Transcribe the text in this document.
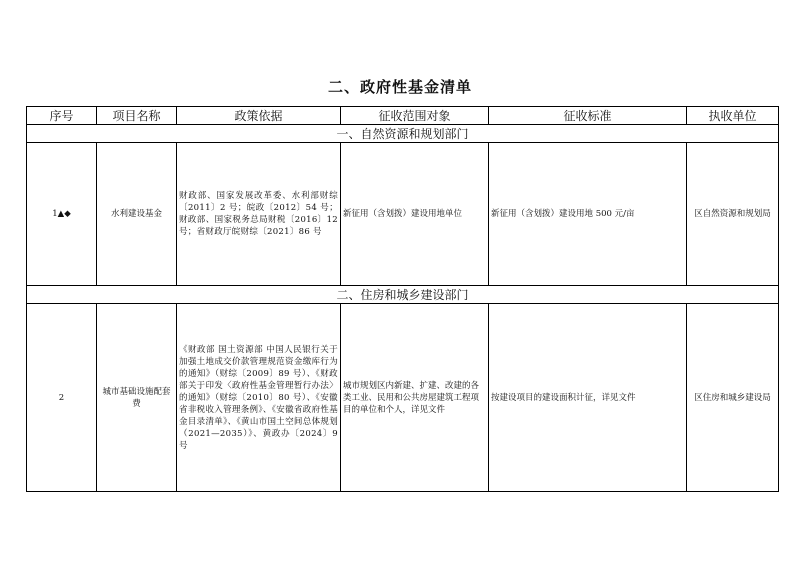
二、政府性基金清单
序号	项目名称	政策依据	征收范围对象	征收标准	执收单位
一、自然资源和规划部门					
1▲◆	水利建设基金	财政部、国家发展改革委、水利部财综〔2011〕2 号；皖政〔2012〕54 号；财政部、国家税务总局财税〔2016〕12 号；省财政厅皖财综〔2021〕86 号	新征用（含划拨）建设用地单位	新征用（含划拨）建设用地 500 元/亩	区自然资源和规划局
二、住房和城乡建设部门					
2	城市基础设施配套费	《财政部 国土资源部 中国人民银行关于加强土地成交价款管理规范资金缴库行为的通知》（财综〔2009〕89 号）、《财政部关于印发〈政府性基金管理暂行办法〉的通知》（财综〔2010〕80 号）、《安徽省非税收入管理条例》、《安徽省政府性基金目录清单》、《黄山市国土空间总体规划（2021—2035）》、黄政办〔2024〕9 号	城市规划区内新建、扩建、改建的各类工业、民用和公共房屋建筑工程项目的单位和个人，详见文件	按建设项目的建设面积计征，详见文件	区住房和城乡建设局
